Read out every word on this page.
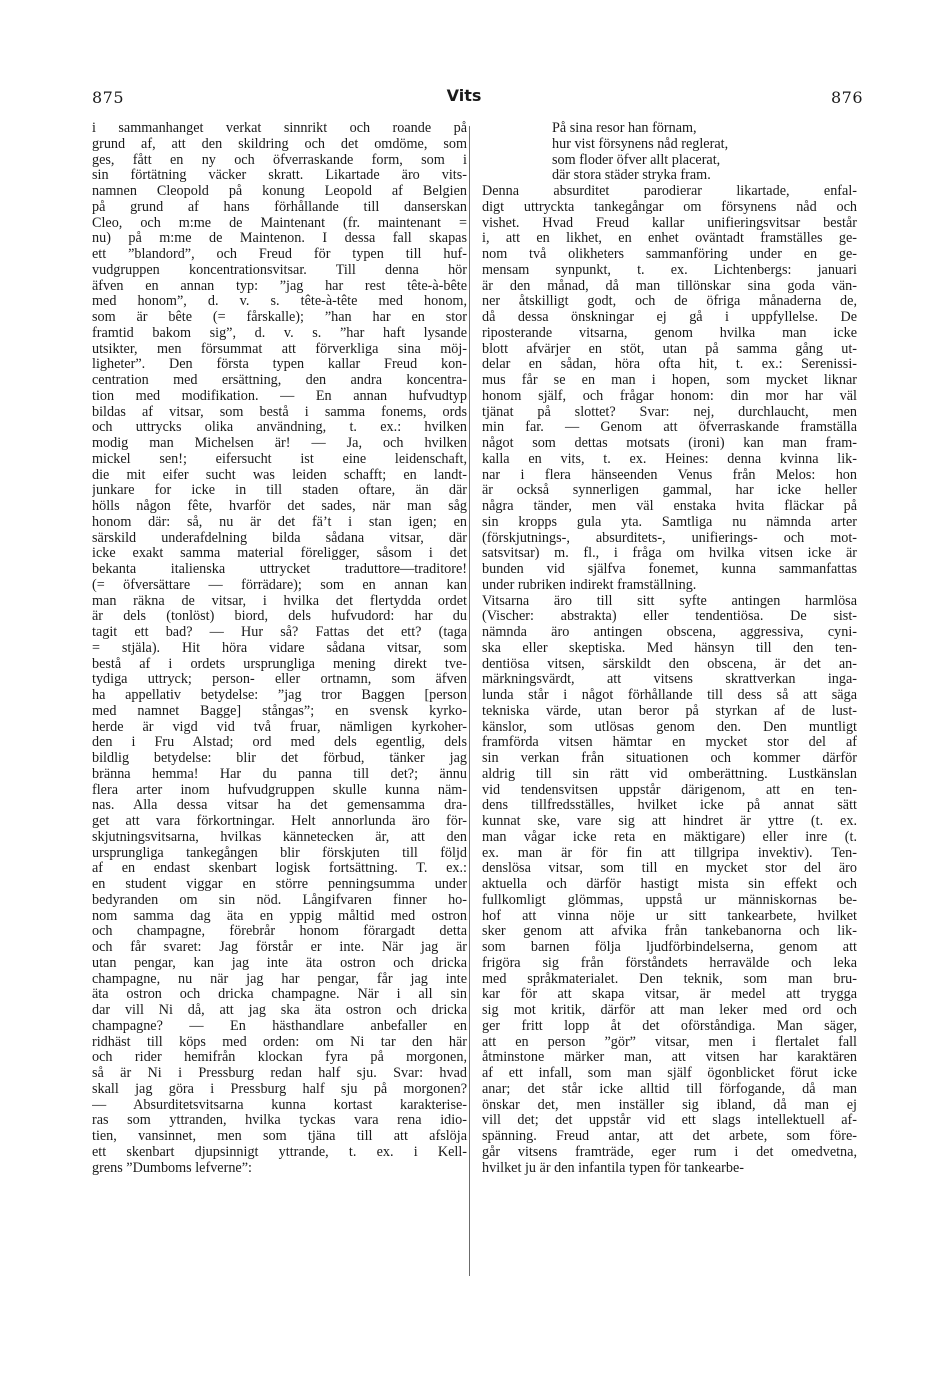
875	Vits	876
i sammanhanget verkat sinnrikt och roande på
grund af, att den skildring och det omdöme, som
ges, fått en ny och öfverraskande form, som i
sin förtätning väcker skratt. Likartade äro vits-
namnen Cleopold på konung Leopold af Belgien
på grund af hans förhållande till danserskan
Cleo, och m:me de Maintenant (fr. maintenant =
nu) på m:me de Maintenon. I dessa fall skapas
ett ”blandord”, och Freud för typen till huf-
vudgruppen koncentrationsvitsar. Till denna hör
äfven en annan typ: ”jag har rest tête-à-bête
med honom”, d. v. s. tête-à-tête med honom,
som är bête (= fårskalle); ”han har en stor
framtid bakom sig”, d. v. s. ”har haft lysande
utsikter, men försummat att förverkliga sina möj-
ligheter”. Den första typen kallar Freud kon-
centration med ersättning, den andra koncentra-
tion med modifikation. — En annan hufvudtyp
bildas af vitsar, som bestå i samma fonems, ords
och uttrycks olika användning, t. ex.: hvilken
modig man Michelsen är! — Ja, och hvilken
mickel sen!; eifersucht ist eine leidenschaft,
die mit eifer sucht was leiden schafft; en landt-
junkare for icke in till staden oftare, än där
hölls någon fête, hvarför det sades, när man såg
honom där: så, nu är det fä’t i stan igen; en
särskild underafdelning bilda sådana vitsar, där
icke exakt samma material föreligger, såsom i det
bekanta italienska uttrycket traduttore—traditore!
(= öfversättare — förrädare); som en annan kan
man räkna de vitsar, i hvilka det flertydda ordet
är dels (tonlöst) biord, dels hufvudord: har du
tagit ett bad? — Hur så? Fattas det ett? (taga
= stjäla). Hit höra vidare sådana vitsar, som
bestå af i ordets ursprungliga mening direkt tve-
tydiga uttryck; person- eller ortnamn, som äfven
ha appellativ betydelse: ”jag tror Baggen [person
med namnet Bagge] stångas”; en svensk kyrko-
herde är vigd vid två fruar, nämligen kyrkoher-
den i Fru Alstad; ord med dels egentlig, dels
bildlig betydelse: blir det förbud, tänker jag
bränna hemma! Har du panna till det?; ännu
flera arter inom hufvudgruppen skulle kunna näm-
nas. Alla dessa vitsar ha det gemensamma dra-
get att vara förkortningar. Helt annorlunda äro för-
skjutningsvitsarna, hvilkas kännetecken är, att den
ursprungliga tankegången blir förskjuten till följd
af en endast skenbart logisk fortsättning. T. ex.:
en student viggar en större penningsumma under
bedyranden om sin nöd. Långifvaren finner ho-
nom samma dag äta en yppig måltid med ostron
och champagne, förebrår honom förargadt detta
och får svaret: Jag förstår er inte. När jag är
utan pengar, kan jag inte äta ostron och dricka
champagne, nu när jag har pengar, får jag inte
äta ostron och dricka champagne. När i all sin
dar vill Ni då, att jag ska äta ostron och dricka
champagne? — En hästhandlare anbefaller en
ridhäst till köps med orden: om Ni tar den här
och rider hemifrån klockan fyra på morgonen,
så är Ni i Pressburg redan half sju. Svar: hvad
skall jag göra i Pressburg half sju på morgonen?
— Absurditetsvitsarna kunna kortast karakterise-
ras som yttranden, hvilka tyckas vara rena idio-
tien, vansinnet, men som tjäna till att afslöja
ett skenbart djupsinnigt yttrande, t. ex. i Kell-
grens ”Dumboms lefverne”:
På sina resor han förnam,
hur vist försynens nåd reglerat,
som floder öfver allt placerat,
där stora städer stryka fram.
Denna absurditet parodierar likartade, enfal-
digt uttryckta tankegångar om försynens nåd och
vishet. Hvad Freud kallar unifieringsvitsar består
i, att en likhet, en enhet oväntadt framställes ge-
nom två olikheters sammanföring under en ge-
mensam synpunkt, t. ex. Lichtenbergs: januari
är den månad, då man tillönskar sina goda vän-
ner åtskilligt godt, och de öfriga månaderna de,
då dessa önskningar ej gå i uppfyllelse. De
riposterande vitsarna, genom hvilka man icke
blott afvärjer en stöt, utan på samma gång ut-
delar en sådan, höra ofta hit, t. ex.: Serenissi-
mus får se en man i hopen, som mycket liknar
honom själf, och frågar honom: din mor har väl
tjänat på slottet? Svar: nej, durchlaucht, men
min far. — Genom att öfverraskande framställa
något som dettas motsats (ironi) kan man fram-
kalla en vits, t. ex. Heines: denna kvinna lik-
nar i flera hänseenden Venus från Melos: hon
är också synnerligen gammal, har icke heller
några tänder, men väl enstaka hvita fläckar på
sin kropps gula yta. Samtliga nu nämnda arter
(förskjutnings-, absurditets-, unifierings- och mot-
satsvitsar) m. fl., i fråga om hvilka vitsen icke är
bunden vid själfva fonemet, kunna sammanfattas
under rubriken indirekt framställning.
Vitsarna äro till sitt syfte antingen harmlösa
(Vischer: abstrakta) eller tendentiösa. De sist-
nämnda äro antingen obscena, aggressiva, cyni-
ska eller skeptiska. Med hänsyn till den ten-
dentiösa vitsen, särskildt den obscena, är det an-
märkningsvärdt, att vitsens skrattverkan inga-
lunda står i något förhållande till dess så att säga
tekniska värde, utan beror på styrkan af de lust-
känslor, som utlösas genom den. Den muntligt
framförda vitsen hämtar en mycket stor del af
sin verkan från situationen och kommer därför
aldrig till sin rätt vid omberättning. Lustkänslan
vid tendensvitsen uppstår därigenom, att en ten-
dens tillfredsställes, hvilket icke på annat sätt
kunnat ske, vare sig att hindret är yttre (t. ex.
man vågar icke reta en mäktigare) eller inre (t.
ex. man är för fin att tillgripa invektiv). Ten-
denslösa vitsar, som till en mycket stor del äro
aktuella och därför hastigt mista sin effekt och
fullkomligt glömmas, uppstå ur människornas be-
hof att vinna nöje ur sitt tankearbete, hvilket
sker genom att afvika från tankebanorna och lik-
som barnen följa ljudförbindelserna, genom att
frigöra sig från förståndets herravälde och leka
med språkmaterialet. Den teknik, som man bru-
kar för att skapa vitsar, är medel att trygga
sig mot kritik, därför att man leker med ord och
ger fritt lopp åt det oförståndiga. Man säger,
att en person ”gör” vitsar, men i flertalet fall
åtminstone märker man, att vitsen har karaktären
af ett infall, som man själf ögonblicket förut icke
anar; det står icke alltid till förfogande, då man
önskar det, men inställer sig ibland, då man ej
vill det; det uppstår vid ett slags intellektuell af-
spänning. Freud antar, att det arbete, som före-
går vitsens framträde, eger rum i det omedvetna,
hvilket ju är den infantila typen för tankearbe-
